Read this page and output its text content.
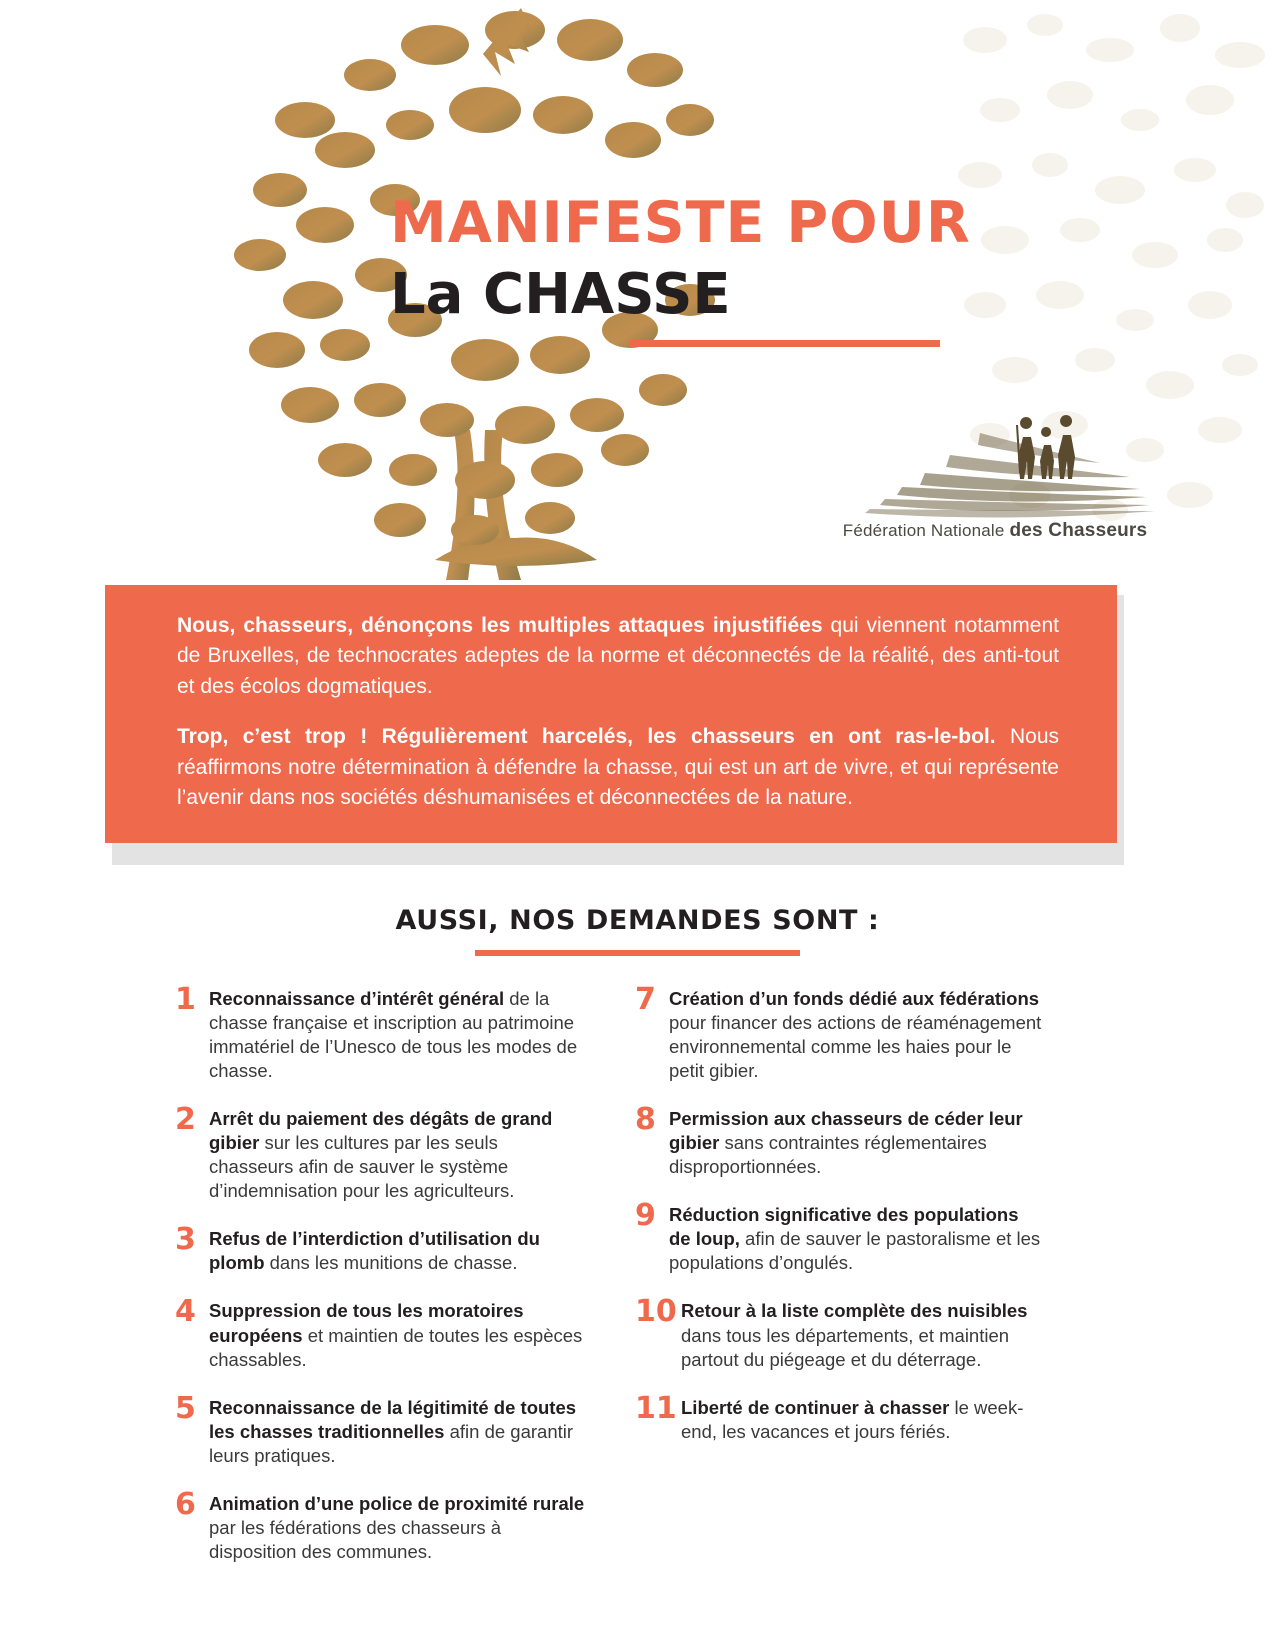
MANIFESTE POUR
La CHASSE
Fédération Nationale des Chasseurs

Nous, chasseurs, dénonçons les multiples attaques injustifiées qui viennent notamment de Bruxelles, de technocrates adeptes de la norme et déconnectés de la réalité, des anti-tout et des écolos dogmatiques.

Trop, c’est trop ! Régulièrement harcelés, les chasseurs en ont ras-le-bol. Nous réaffirmons notre détermination à défendre la chasse, qui est un art de vivre, et qui représente l’avenir dans nos sociétés déshumanisées et déconnectées de la nature.

AUSSI, NOS DEMANDES SONT :
1 Reconnaissance d’intérêt général de la chasse française et inscription au patrimoine immatériel de l’Unesco de tous les modes de chasse.
2 Arrêt du paiement des dégâts de grand gibier sur les cultures par les seuls chasseurs afin de sauver le système d’indemnisation pour les agriculteurs.
3 Refus de l’interdiction d’utilisation du plomb dans les munitions de chasse.
4 Suppression de tous les moratoires européens et maintien de toutes les espèces chassables.
5 Reconnaissance de la légitimité de toutes les chasses traditionnelles afin de garantir leurs pratiques.
6 Animation d’une police de proximité rurale par les fédérations des chasseurs à disposition des communes.
7 Création d’un fonds dédié aux fédérations pour financer des actions de réaménagement environnemental comme les haies pour le petit gibier.
8 Permission aux chasseurs de céder leur gibier sans contraintes réglementaires disproportionnées.
9 Réduction significative des populations de loup, afin de sauver le pastoralisme et les populations d’ongulés.
10 Retour à la liste complète des nuisibles dans tous les départements, et maintien partout du piégeage et du déterrage.
11 Liberté de continuer à chasser le week-end, les vacances et jours fériés.
